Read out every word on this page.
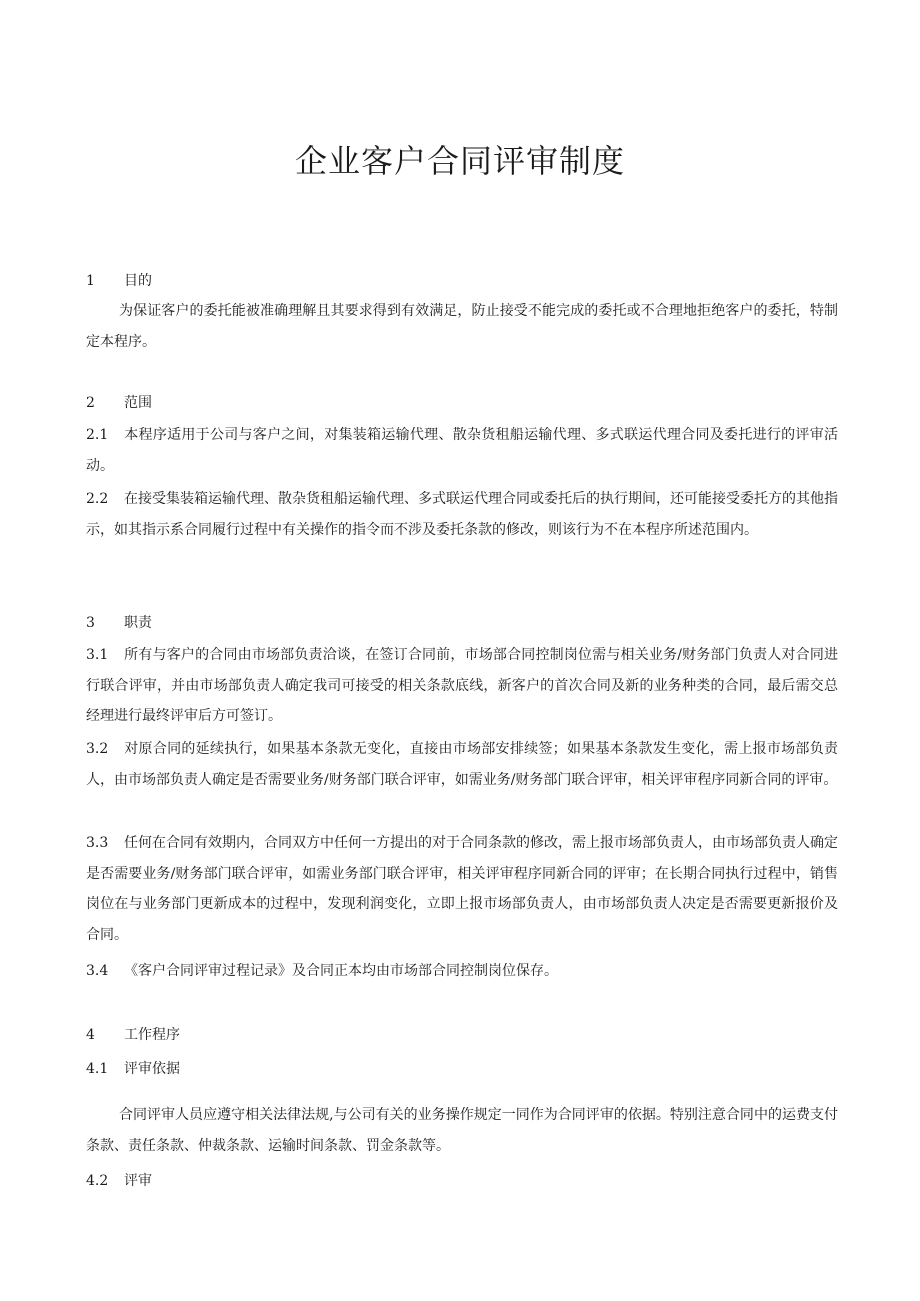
企业客户合同评审制度
1 目的
为保证客户的委托能被准确理解且其要求得到有效满足，防止接受不能完成的委托或不合理地拒绝客户的委托，特制定本程序。
2 范围
2.1 本程序适用于公司与客户之间，对集装箱运输代理、散杂货租船运输代理、多式联运代理合同及委托进行的评审活动。
2.2 在接受集装箱运输代理、散杂货租船运输代理、多式联运代理合同或委托后的执行期间，还可能接受委托方的其他指示，如其指示系合同履行过程中有关操作的指令而不涉及委托条款的修改，则该行为不在本程序所述范围内。
3 职责
3.1 所有与客户的合同由市场部负责洽谈，在签订合同前，市场部合同控制岗位需与相关业务/财务部门负责人对合同进行联合评审，并由市场部负责人确定我司可接受的相关条款底线，新客户的首次合同及新的业务种类的合同，最后需交总经理进行最终评审后方可签订。
3.2 对原合同的延续执行，如果基本条款无变化，直接由市场部安排续签；如果基本条款发生变化，需上报市场部负责人，由市场部负责人确定是否需要业务/财务部门联合评审，如需业务/财务部门联合评审，相关评审程序同新合同的评审。
3.3 任何在合同有效期内，合同双方中任何一方提出的对于合同条款的修改，需上报市场部负责人，由市场部负责人确定是否需要业务/财务部门联合评审，如需业务部门联合评审，相关评审程序同新合同的评审；在长期合同执行过程中，销售岗位在与业务部门更新成本的过程中，发现利润变化，立即上报市场部负责人，由市场部负责人决定是否需要更新报价及合同。
3.4 《客户合同评审过程记录》及合同正本均由市场部合同控制岗位保存。
4 工作程序
4.1 评审依据
合同评审人员应遵守相关法律法规,与公司有关的业务操作规定一同作为合同评审的依据。特别注意合同中的运费支付条款、责任条款、仲裁条款、运输时间条款、罚金条款等。
4.2 评审
